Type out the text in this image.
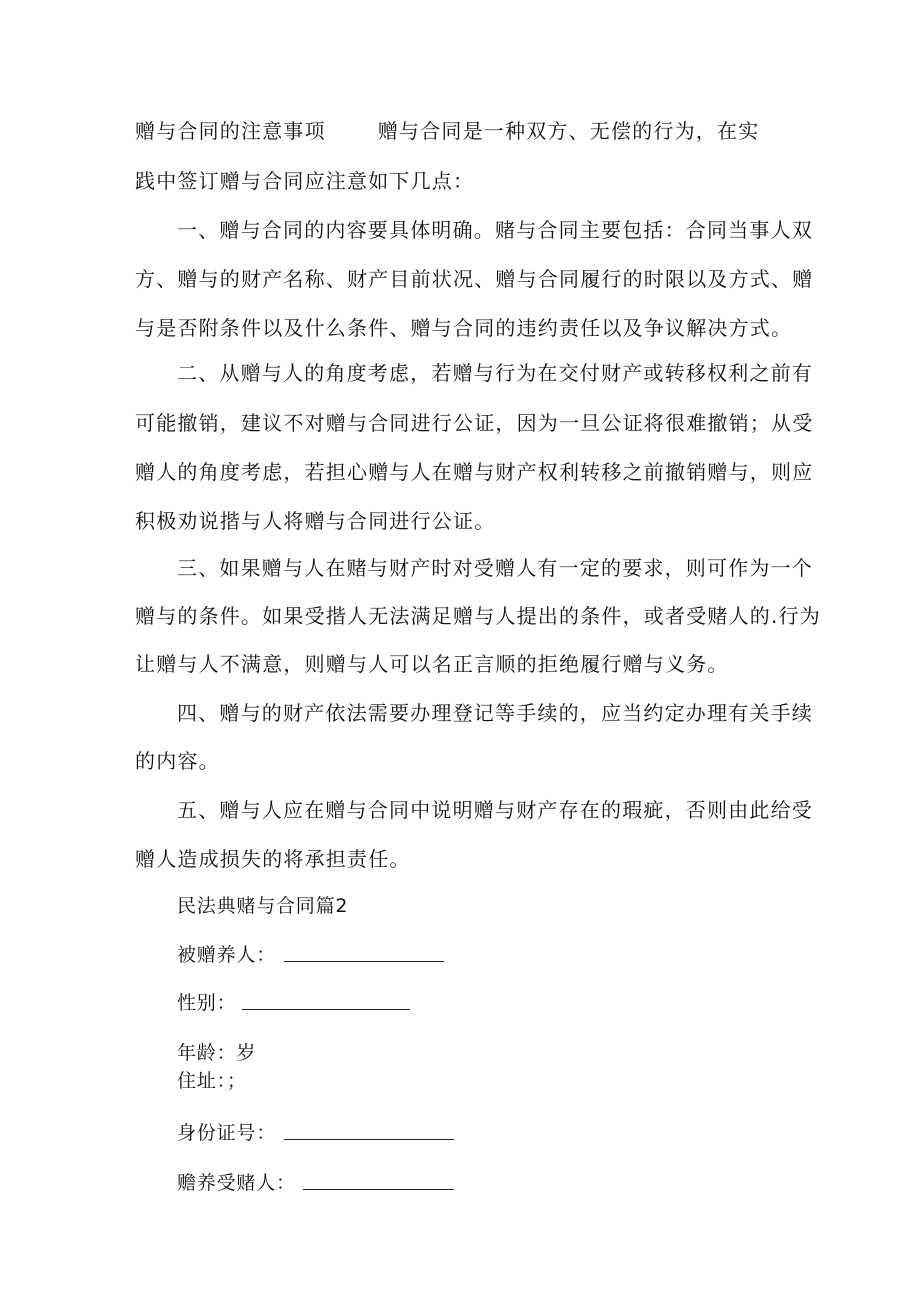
赠与合同的注意事项	赠与合同是一种双方、无偿的行为，在实
践中签订赠与合同应注意如下几点：
一、赠与合同的内容要具体明确。赌与合同主要包括：合同当事人双
方、赠与的财产名称、财产目前状况、赠与合同履行的时限以及方式、赠
与是否附条件以及什么条件、赠与合同的违约责任以及争议解决方式。
二、从赠与人的角度考虑，若赠与行为在交付财产或转移权利之前有
可能撤销，建议不对赠与合同进行公证，因为一旦公证将很难撤销；从受
赠人的角度考虑，若担心赠与人在赠与财产权利转移之前撤销赠与，则应
积极劝说揩与人将赠与合同进行公证。
三、如果赠与人在赌与财产时对受赠人有一定的要求，则可作为一个
赠与的条件。如果受揩人无法满足赠与人提出的条件，或者受赌人的.行为
让赠与人不满意，则赠与人可以名正言顺的拒绝履行赠与义务。
四、赠与的财产依法需要办理登记等手续的，应当约定办理有关手续
的内容。
五、赠与人应在赠与合同中说明赠与财产存在的瑕疵，否则由此给受
赠人造成损失的将承担责任。
民法典赌与合同篇2
被赠养人：
性别：
年龄：岁
住址：；
身份证号：
赡养受赌人：
